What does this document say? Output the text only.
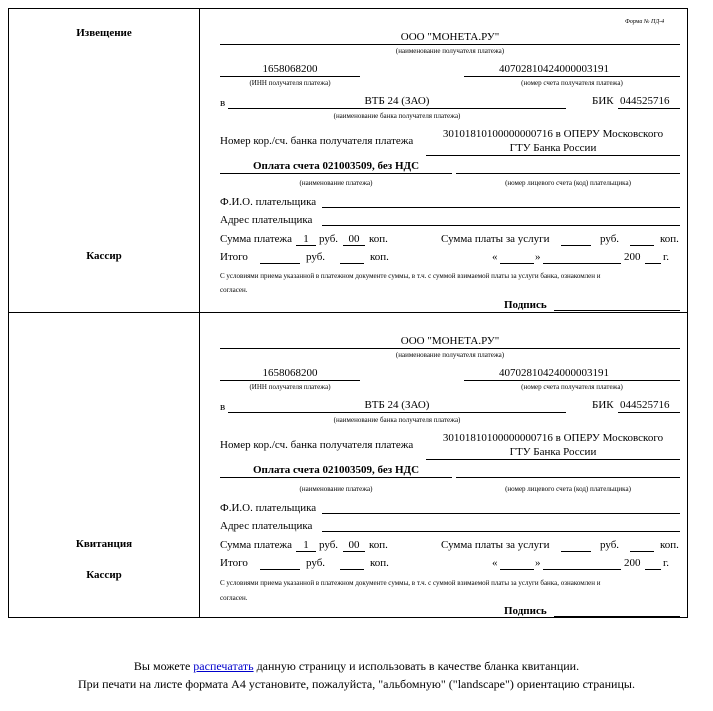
Извещение
Кассир
Форма № ПД-4
ООО "МОНЕТА.РУ"
(наименование получателя платежа)
1658068200
(ИНН получателя платежа)
40702810424000003191
(номер счета получателя платежа)
в	ВТБ 24 (ЗАО)	БИК 044525716
(наименование банка получателя платежа)
Номер кор./сч. банка получателя платежа
30101810100000000716 в ОПЕРУ Московского
ГТУ Банка России
Оплата счета 021003509, без НДС
(наименование платежа)	(номер лицевого счета (код) плательщика)
Ф.И.О. плательщика
Адрес плательщика
Сумма платежа	1 руб. 00 коп.	Сумма платы за услуги	руб.	коп.
Итого	руб.	коп.	«	»	200 г.
С условиями приема указанной в платежном документе суммы, в т.ч. с суммой взимаемой платы за услуги банка, ознакомлен и
согласен.
Подпись
Квитанция
Кассир
ООО "МОНЕТА.РУ"
(наименование получателя платежа)
1658068200
(ИНН получателя платежа)
40702810424000003191
(номер счета получателя платежа)
в	ВТБ 24 (ЗАО)	БИК 044525716
(наименование банка получателя платежа)
Номер кор./сч. банка получателя платежа
30101810100000000716 в ОПЕРУ Московского
ГТУ Банка России
Оплата счета 021003509, без НДС
(наименование платежа)	(номер лицевого счета (код) плательщика)
Ф.И.О. плательщика
Адрес плательщика
Сумма платежа	1 руб. 00 коп.	Сумма платы за услуги	руб.	коп.
Итого	руб.	коп.	«	»	200 г.
С условиями приема указанной в платежном документе суммы, в т.ч. с суммой взимаемой платы за услуги банка, ознакомлен и
согласен.
Подпись
Вы можете распечатать данную страницу и использовать в качестве бланка квитанции.
При печати на листе формата А4 установите, пожалуйста, "альбомную" ("landscape") ориентацию страницы.
